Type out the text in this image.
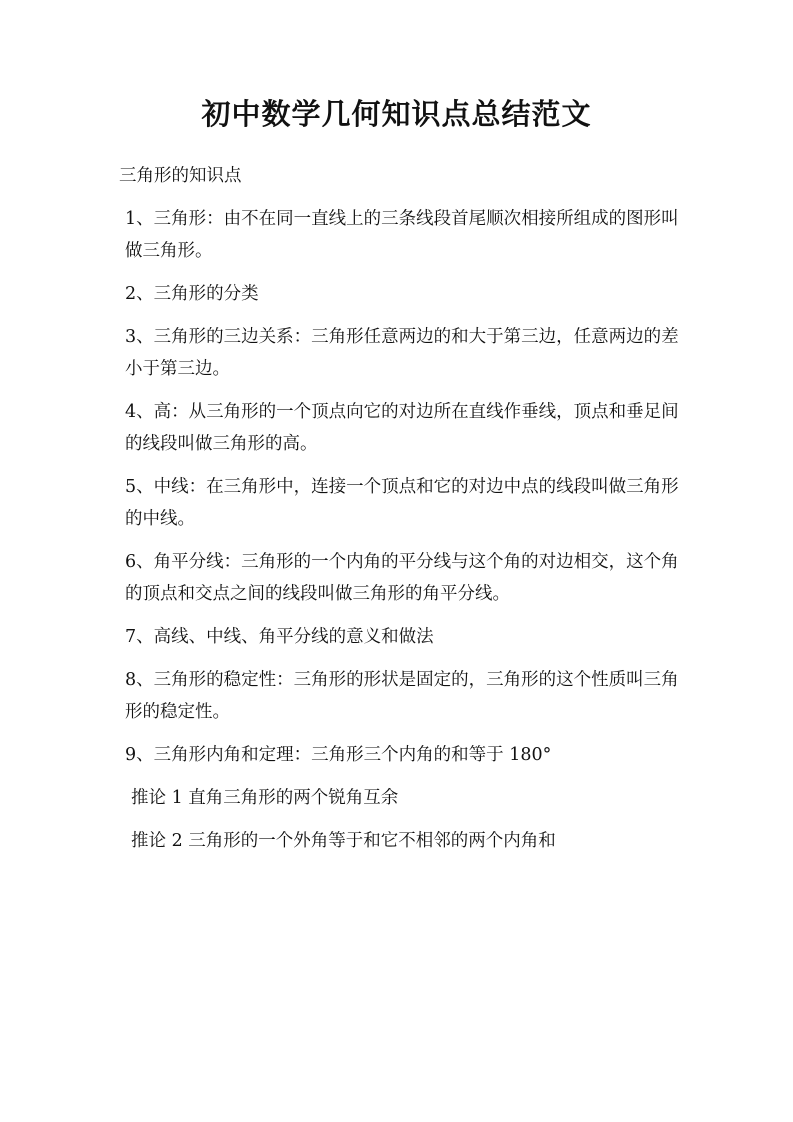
初中数学几何知识点总结范文

三角形的知识点

1、三角形：由不在同一直线上的三条线段首尾顺次相接所组成的图形叫做三角形。

2、三角形的分类

3、三角形的三边关系：三角形任意两边的和大于第三边，任意两边的差小于第三边。

4、高：从三角形的一个顶点向它的对边所在直线作垂线，顶点和垂足间的线段叫做三角形的高。

5、中线：在三角形中，连接一个顶点和它的对边中点的线段叫做三角形的中线。

6、角平分线：三角形的一个内角的平分线与这个角的对边相交，这个角的顶点和交点之间的线段叫做三角形的角平分线。

7、高线、中线、角平分线的意义和做法

8、三角形的稳定性：三角形的形状是固定的，三角形的这个性质叫三角形的稳定性。

9、三角形内角和定理：三角形三个内角的和等于 180°

推论 1 直角三角形的两个锐角互余

推论 2 三角形的一个外角等于和它不相邻的两个内角和
